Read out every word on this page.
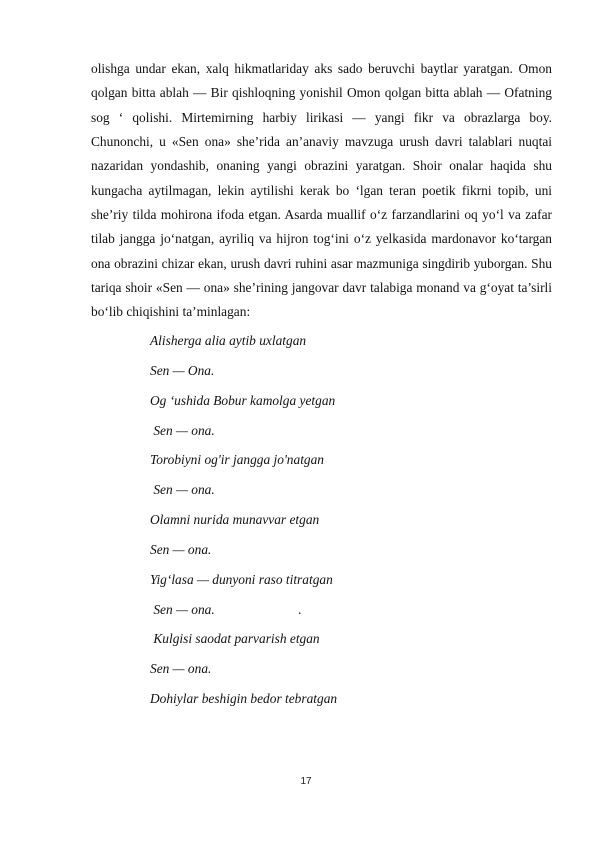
olishga undar ekan, xalq hikmatlariday aks sado beruvchi baytlar yaratgan. Omon qolgan bitta ablah — Bir qishloqning yonishil Omon qolgan bitta ablah — Ofatning sog ‘ qolishi. Mirtemirning harbiy lirikasi — yangi fikr va obrazlarga boy. Chunonchi, u «Sen ona» she’rida an’anaviy mavzuga urush davri talablari nuqtai nazaridan yondashib, onaning yangi obrazini yaratgan. Shoir onalar haqida shu kungacha aytilmagan, lekin aytilishi kerak bo ‘lgan teran poetik fikrni topib, uni she’riy tilda mohirona ifoda etgan. Asarda muallif o‘z farzandlarini oq yo‘l va zafar tilab jangga jo‘natgan, ayriliq va hijron tog‘ini o‘z yelkasida mardonavor ko‘targan ona obrazini chizar ekan, urush davri ruhini asar mazmuniga singdirib yuborgan. Shu tariqa shoir «Sen — ona» she’rining jangovar davr talabiga monand va g‘oyat ta’sirli bo‘lib chiqishini ta’minlagan:

Alisherga alia aytib uxlatgan
Sen — Ona.
Og ‘ushida Bobur kamolga yetgan
Sen — ona.
Torobiyni og'ir jangga jo'natgan
Sen — ona.
Olamni nurida munavvar etgan
Sen — ona.
Yig‘lasa — dunyoni raso titratgan
Sen — ona.                         .
Kulgisi saodat parvarish etgan
Sen — ona.
Dohiylar beshigin bedor tebratgan
17
